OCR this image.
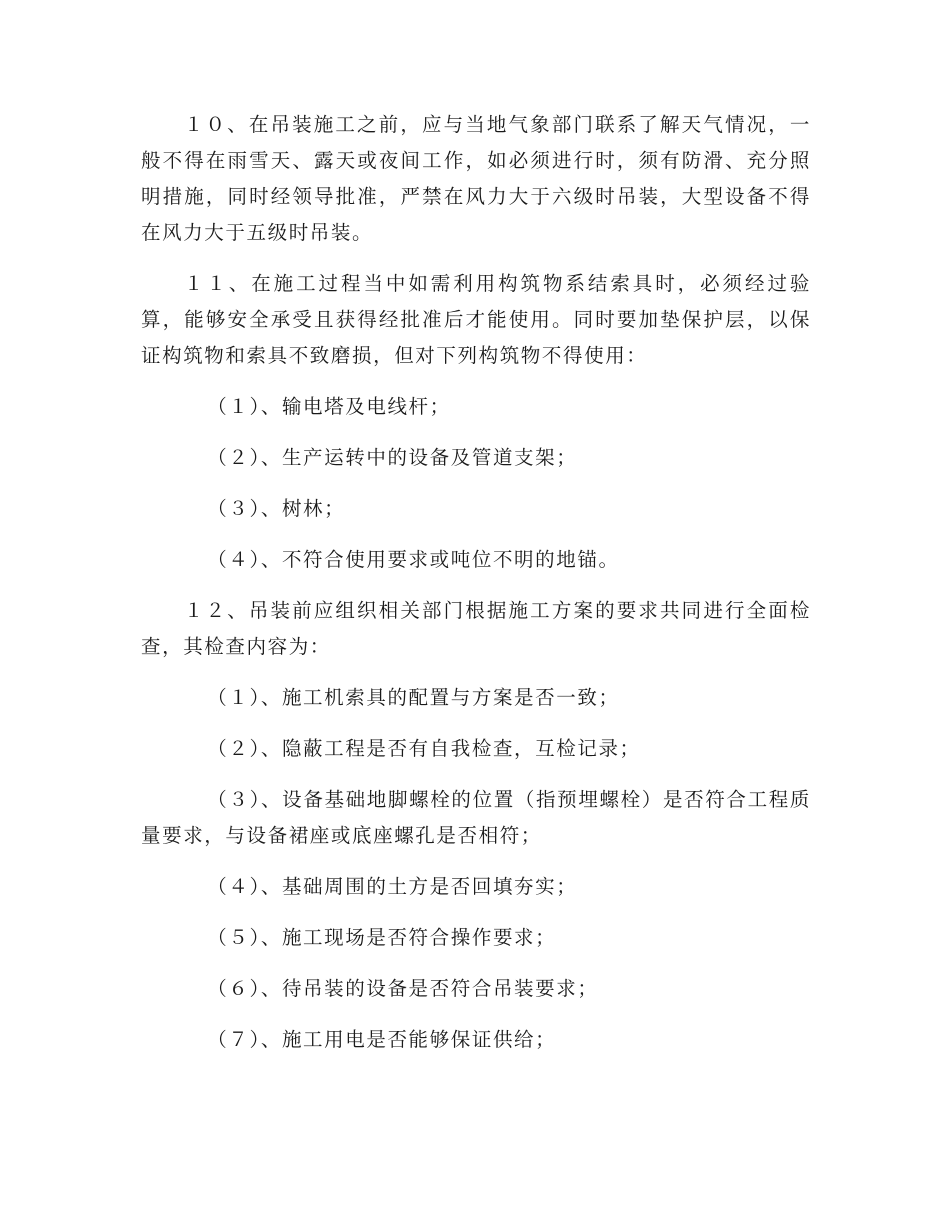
１０、在吊装施工之前，应与当地气象部门联系了解天气情况，一般不得在雨雪天、露天或夜间工作，如必须进行时，须有防滑、充分照明措施，同时经领导批准，严禁在风力大于六级时吊装，大型设备不得在风力大于五级时吊装。

１１、在施工过程当中如需利用构筑物系结索具时，必须经过验算，能够安全承受且获得经批准后才能使用。同时要加垫保护层，以保证构筑物和索具不致磨损，但对下列构筑物不得使用：

（１）、输电塔及电线杆；

（２）、生产运转中的设备及管道支架；

（３）、树林；

（４）、不符合使用要求或吨位不明的地锚。

１２、吊装前应组织相关部门根据施工方案的要求共同进行全面检查，其检查内容为：

（１）、施工机索具的配置与方案是否一致；

（２）、隐蔽工程是否有自我检查，互检记录；

（３）、设备基础地脚螺栓的位置（指预埋螺栓）是否符合工程质量要求，与设备裙座或底座螺孔是否相符；

（４）、基础周围的土方是否回填夯实；

（５）、施工现场是否符合操作要求；

（６）、待吊装的设备是否符合吊装要求；

（７）、施工用电是否能够保证供给；
